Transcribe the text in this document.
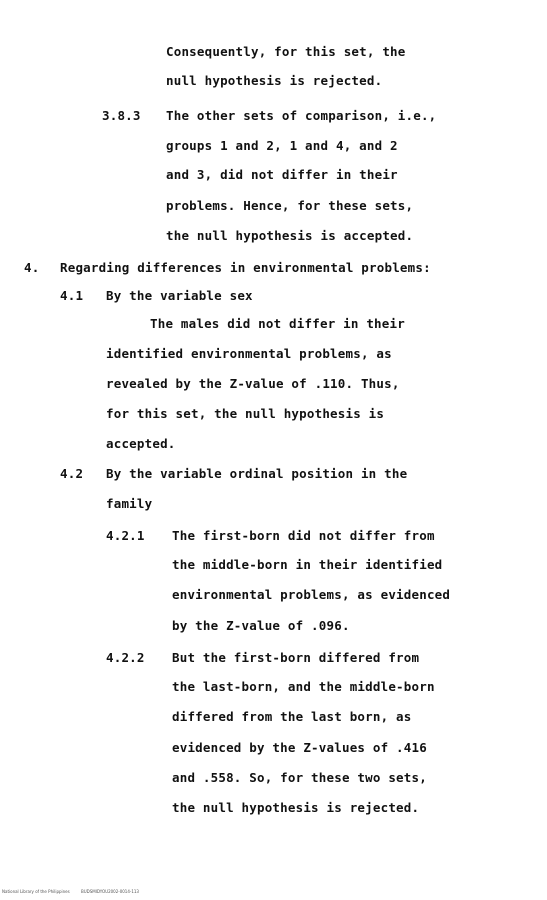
Consequently, for this set, the
null hypothesis is rejected.
3.8.3 The other sets of comparison, i.e.,
groups 1 and 2, 1 and 4, and 2
and 3, did not differ in their
problems. Hence, for these sets,
the null hypothesis is accepted.
4. Regarding differences in environmental problems:
4.1 By the variable sex
The males did not differ in their
identified environmental problems, as
revealed by the Z-value of .110. Thus,
for this set, the null hypothesis is
accepted.
4.2 By the variable ordinal position in the
family
4.2.1 The first-born did not differ from
the middle-born in their identified
environmental problems, as evidenced
by the Z-value of .096.
4.2.2 But the first-born differed from
the last-born, and the middle-born
differed from the last born, as
evidenced by the Z-values of .416
and .558. So, for these two sets,
the null hypothesis is rejected.
National Library of the Philippines	BUDSMIDYOU2002-0014-113
